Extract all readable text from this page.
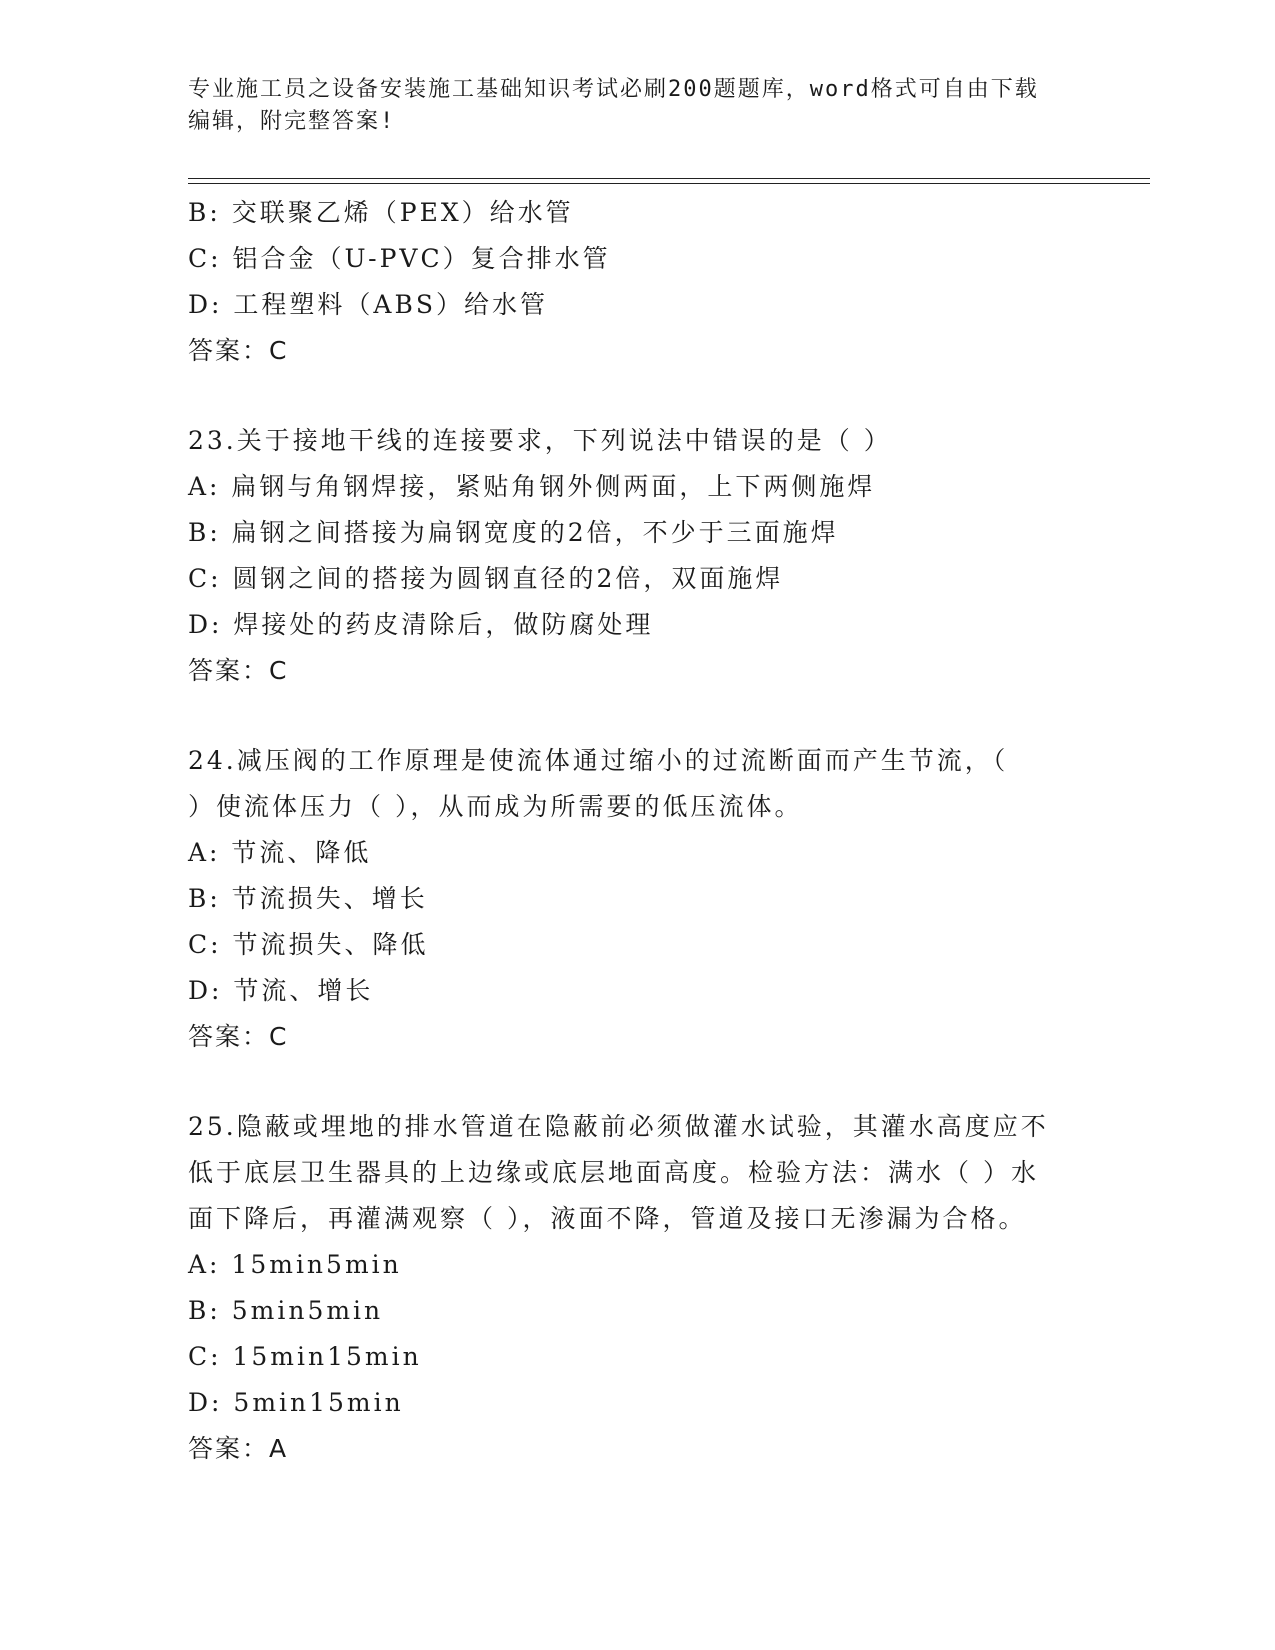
专业施工员之设备安装施工基础知识考试必刷200题题库，word格式可自由下载
编辑，附完整答案!
B: 交联聚乙烯（PEX）给水管
C: 铝合金（U-PVC）复合排水管
D: 工程塑料（ABS）给水管
答案：C
23.关于接地干线的连接要求，下列说法中错误的是（ ）
A: 扁钢与角钢焊接，紧贴角钢外侧两面，上下两侧施焊
B: 扁钢之间搭接为扁钢宽度的2倍，不少于三面施焊
C: 圆钢之间的搭接为圆钢直径的2倍，双面施焊
D: 焊接处的药皮清除后，做防腐处理
答案：C
24.减压阀的工作原理是使流体通过缩小的过流断面而产生节流，（
）使流体压力（ ），从而成为所需要的低压流体。
A: 节流、降低
B: 节流损失、增长
C: 节流损失、降低
D: 节流、增长
答案：C
25.隐蔽或埋地的排水管道在隐蔽前必须做灌水试验，其灌水高度应不
低于底层卫生器具的上边缘或底层地面高度。检验方法：满水（ ）水
面下降后，再灌满观察（ ），液面不降，管道及接口无渗漏为合格。
A: 15min5min
B: 5min5min
C: 15min15min
D: 5min15min
答案：A
